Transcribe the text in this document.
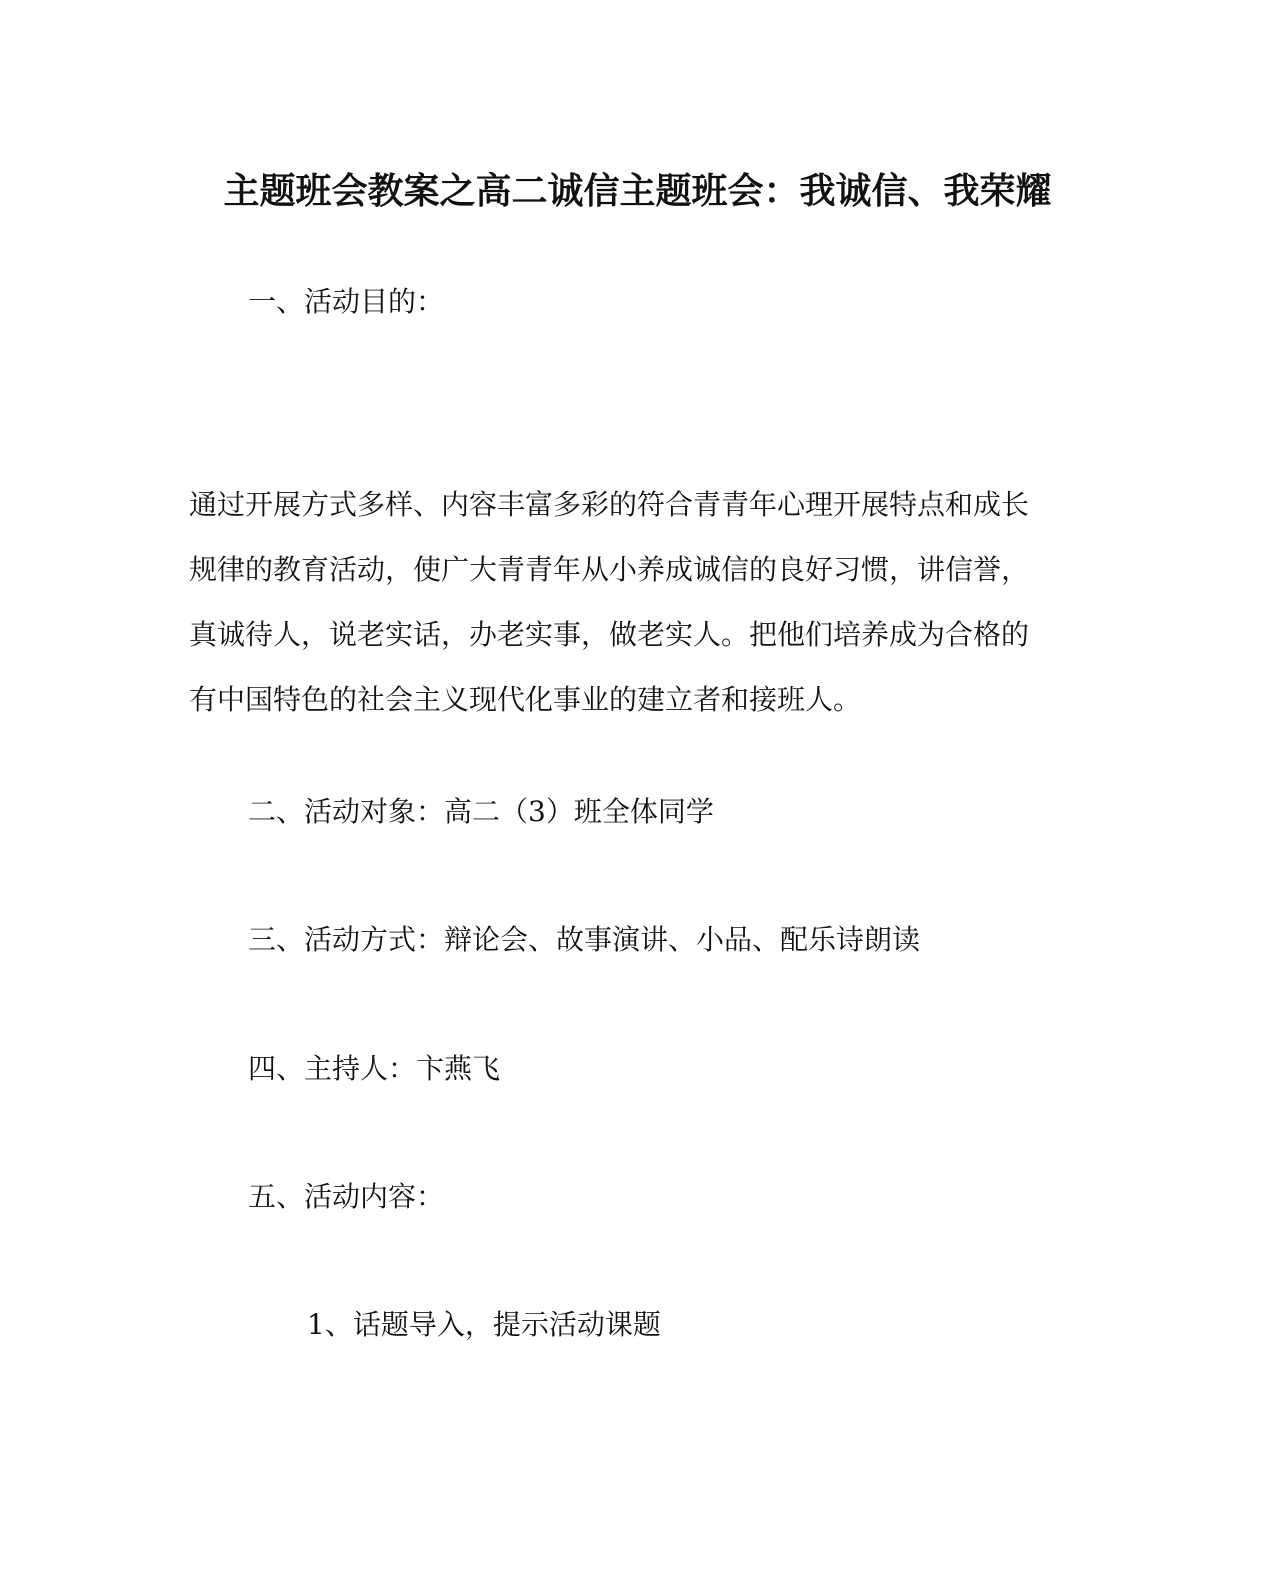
主题班会教案之高二诚信主题班会：我诚信、我荣耀
一、活动目的：
通过开展方式多样、内容丰富多彩的符合青青年心理开展特点和成长
规律的教育活动，使广大青青年从小养成诚信的良好习惯，讲信誉，
真诚待人，说老实话，办老实事，做老实人。把他们培养成为合格的
有中国特色的社会主义现代化事业的建立者和接班人。
二、活动对象：高二（3）班全体同学
三、活动方式：辩论会、故事演讲、小品、配乐诗朗读
四、主持人：卞燕飞
五、活动内容：
1、话题导入，提示活动课题
